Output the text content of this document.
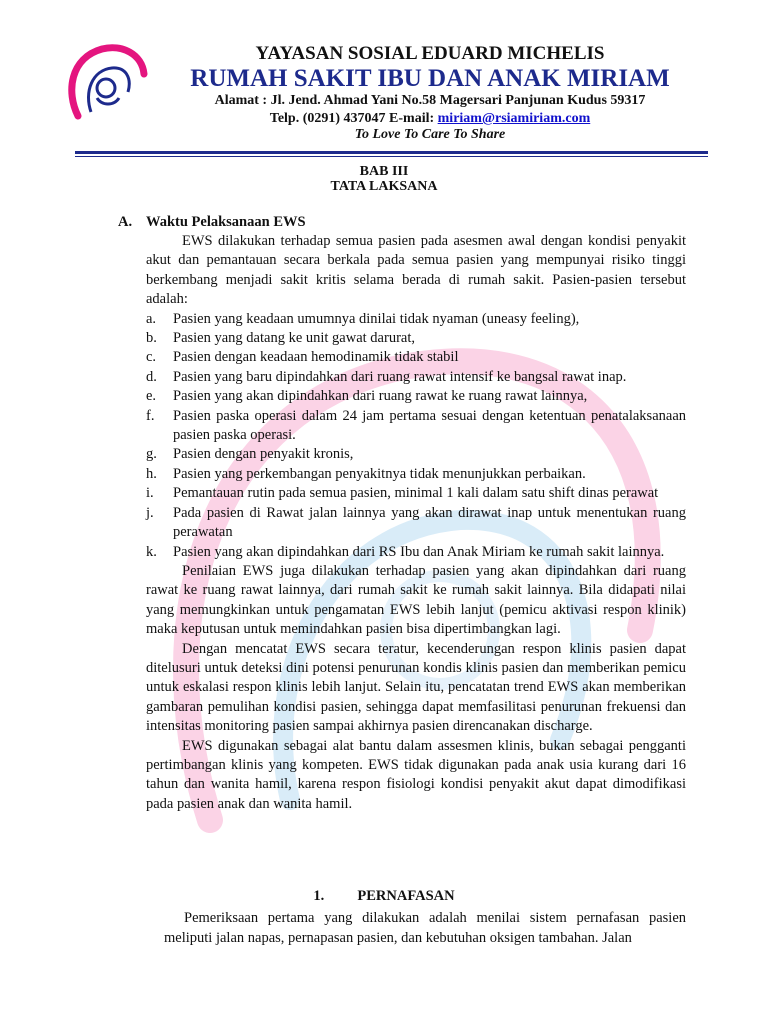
YAYASAN SOSIAL EDUARD MICHELIS
RUMAH SAKIT IBU DAN ANAK MIRIAM
Alamat : Jl. Jend. Ahmad Yani No.58 Magersari Panjunan Kudus 59317
Telp. (0291) 437047 E-mail: miriam@rsiamiriam.com
To Love To Care To Share
BAB III
TATA LAKSANA
A. Waktu Pelaksanaan EWS

EWS dilakukan terhadap semua pasien pada asesmen awal dengan kondisi penyakit akut dan pemantauan secara berkala pada semua pasien yang mempunyai risiko tinggi berkembang menjadi sakit kritis selama berada di rumah sakit. Pasien-pasien tersebut adalah:

a. Pasien yang keadaan umumnya dinilai tidak nyaman (uneasy feeling),
b. Pasien yang datang ke unit gawat darurat,
c. Pasien dengan keadaan hemodinamik tidak stabil
d. Pasien yang baru dipindahkan dari ruang rawat intensif ke bangsal rawat inap.
e. Pasien yang akan dipindahkan dari ruang rawat ke ruang rawat lainnya,
f. Pasien paska operasi dalam 24 jam pertama sesuai dengan ketentuan penatalaksanaan pasien paska operasi.
g. Pasien dengan penyakit kronis,
h. Pasien yang perkembangan penyakitnya tidak menunjukkan perbaikan.
i. Pemantauan rutin pada semua pasien, minimal 1 kali dalam satu shift dinas perawat
j. Pada pasien di Rawat jalan lainnya yang akan dirawat inap untuk menentukan ruang perawatan
k. Pasien yang akan dipindahkan dari RS Ibu dan Anak Miriam ke rumah sakit lainnya.

Penilaian EWS juga dilakukan terhadap pasien yang akan dipindahkan dari ruang rawat ke ruang rawat lainnya, dari rumah sakit ke rumah sakit lainnya. Bila didapati nilai yang memungkinkan untuk pengamatan EWS lebih lanjut (pemicu aktivasi respon klinik) maka keputusan untuk memindahkan pasien bisa dipertimbangkan lagi.

Dengan mencatat EWS secara teratur, kecenderungan respon klinis pasien dapat ditelusuri untuk deteksi dini potensi penurunan kondis klinis pasien dan memberikan pemicu untuk eskalasi respon klinis lebih lanjut. Selain itu, pencatatan trend EWS akan memberikan gambaran pemulihan kondisi pasien, sehingga dapat memfasilitasi penurunan frekuensi dan intensitas monitoring pasien sampai akhirnya pasien direncanakan discharge.

EWS digunakan sebagai alat bantu dalam assesmen klinis, bukan sebagai pengganti pertimbangan klinis yang kompeten. EWS tidak digunakan pada anak usia kurang dari 16 tahun dan wanita hamil, karena respon fisiologi kondisi penyakit akut dapat dimodifikasi pada pasien anak dan wanita hamil.

1. PERNAFASAN

Pemeriksaan pertama yang dilakukan adalah menilai sistem pernafasan pasien meliputi jalan napas, pernapasan pasien, dan kebutuhan oksigen tambahan. Jalan
